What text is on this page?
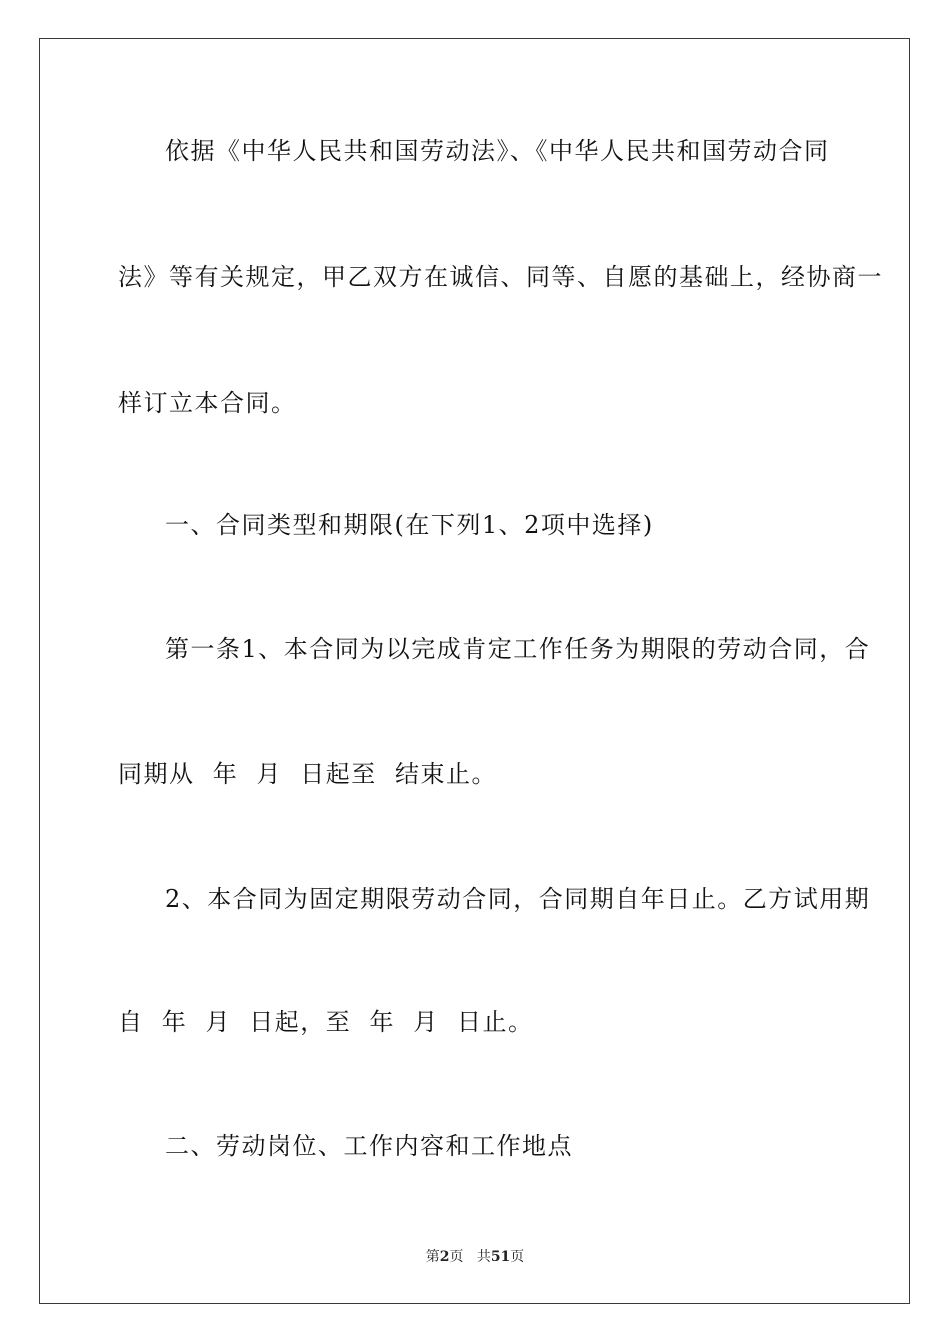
依据《中华人民共和国劳动法》、《中华人民共和国劳动合同
法》等有关规定，甲乙双方在诚信、同等、自愿的基础上，经协商一
样订立本合同。
一、合同类型和期限(在下列1、2项中选择)
第一条1、本合同为以完成肯定工作任务为期限的劳动合同，合
同期从  年  月  日起至  结束止。
2、本合同为固定期限劳动合同，合同期自年日止。乙方试用期
自  年  月  日起，至  年  月  日止。
二、劳动岗位、工作内容和工作地点
第2页 共51页
